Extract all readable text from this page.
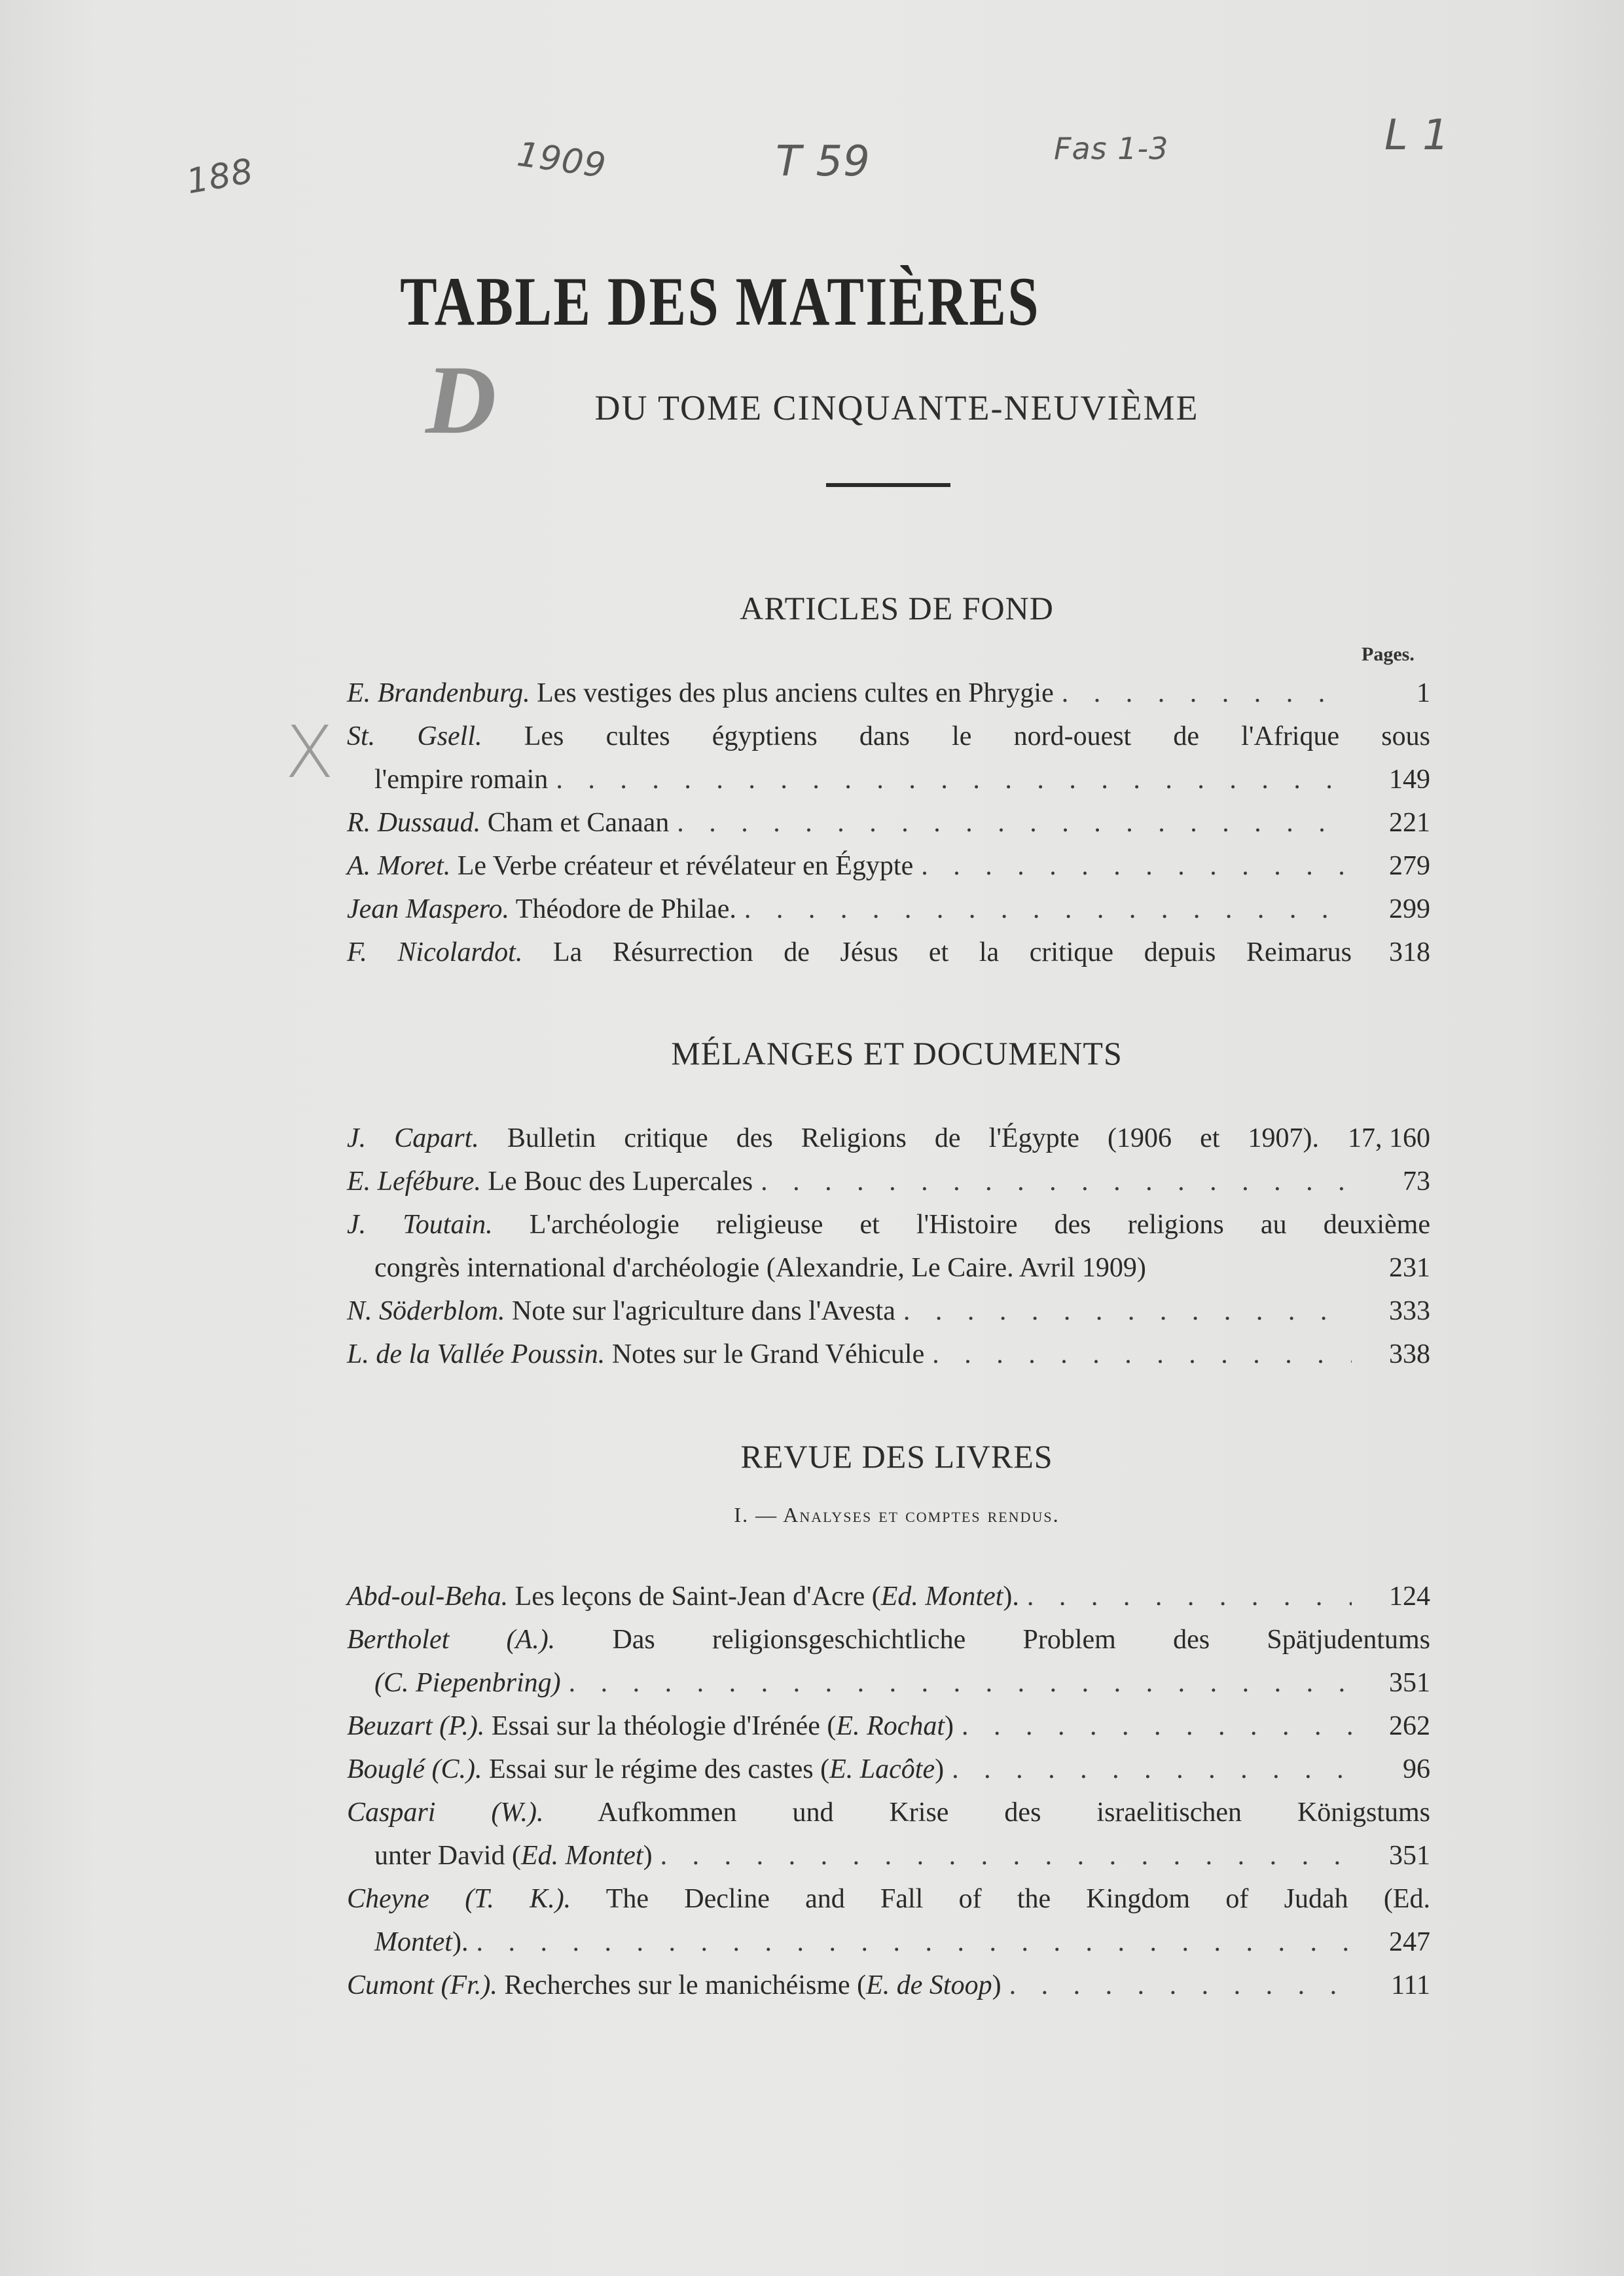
188	1909	T 59	Fas 1-3	L 1
TABLE DES MATIÈRES
D	DU TOME CINQUANTE-NEUVIÈME
ARTICLES DE FOND
Pages.
X
E. Brandenburg. Les vestiges des plus anciens cultes en Phrygie . . .	1
St. Gsell. Les cultes égyptiens dans le nord-ouest de l'Afrique sous
l'empire romain . . .	149
R. Dussaud. Cham et Canaan . . .	221
A. Moret. Le Verbe créateur et révélateur en Égypte . . .	279
Jean Maspero. Théodore de Philae. . . .	299
F. Nicolardot. La Résurrection de Jésus et la critique depuis Reimarus	318
MÉLANGES ET DOCUMENTS
J. Capart. Bulletin critique des Religions de l'Égypte (1906 et 1907).	17, 160
E. Lefébure. Le Bouc des Lupercales . . .	73
J. Toutain. L'archéologie religieuse et l'Histoire des religions au deuxième
congrès international d'archéologie (Alexandrie, Le Caire. Avril 1909)	231
N. Söderblom. Note sur l'agriculture dans l'Avesta . . .	333
L. de la Vallée Poussin. Notes sur le Grand Véhicule . . .	338
REVUE DES LIVRES
I. — Analyses et comptes rendus.
Abd-oul-Beha. Les leçons de Saint-Jean d'Acre (Ed. Montet). . . .	124
Bertholet (A.). Das religionsgeschichtliche Problem des Spätjudentums
(C. Piepenbring) . . .	351
Beuzart (P.). Essai sur la théologie d'Irénée (E. Rochat) . . .	262
Bouglé (C.). Essai sur le régime des castes (E. Lacôte) . . .	96
Caspari (W.). Aufkommen und Krise des israelitischen Königstums
unter David (Ed. Montet) . . .	351
Cheyne (T. K.). The Decline and Fall of the Kingdom of Judah (Ed.
Montet). . . .	247
Cumont (Fr.). Recherches sur le manichéisme (E. de Stoop) . . .	111
